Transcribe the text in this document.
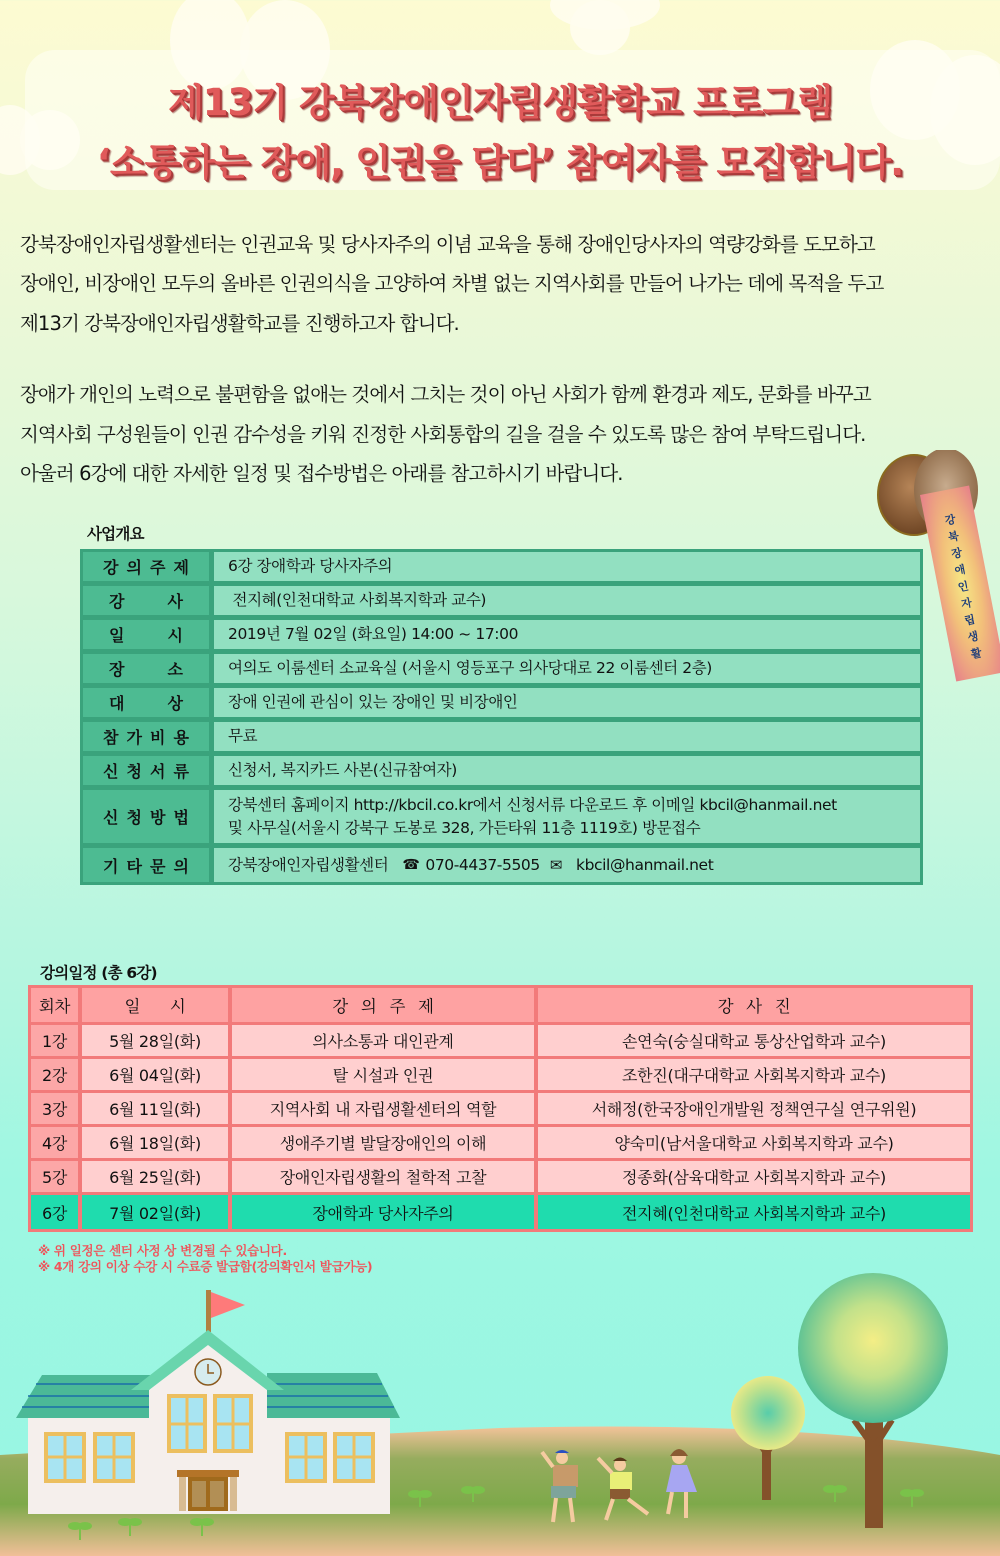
제13기 강북장애인자립생활학교 프로그램
‘소통하는 장애, 인권을 담다’ 참여자를 모집합니다.

강북장애인자립생활센터는 인권교육 및 당사자주의 이념 교육을 통해 장애인당사자의 역량강화를 도모하고

장애인, 비장애인 모두의 올바른 인권의식을 고양하여 차별 없는 지역사회를 만들어 나가는 데에 목적을 두고

제13기 강북장애인자립생활학교를 진행하고자 합니다.

장애가 개인의 노력으로 불편함을 없애는 것에서 그치는 것이 아닌 사회가 함께 환경과 제도, 문화를 바꾸고

지역사회 구성원들이 인권 감수성을 키워 진정한 사회통합의 길을 걸을 수 있도록 많은 참여 부탁드립니다.

아울러 6강에 대한 자세한 일정 및 접수방법은 아래를 참고하시기 바랍니다.

사업개요
강 의 주 제	6강 장애학과 당사자주의
강	사	전지혜(인천대학교 사회복지학과 교수)
일	시	2019년 7월 02일 (화요일) 14:00 ~ 17:00
장	소	여의도 이룸센터 소교육실 (서울시 영등포구 의사당대로 22 이룸센터 2층)
대	상	장애 인권에 관심이 있는 장애인 및 비장애인
참 가 비 용	무료
신 청 서 류	신청서, 복지카드 사본(신규참여자)
신 청 방 법
강북센터 홈페이지 http://kbcil.co.kr에서 신청서류 다운로드 후 이메일 kbcil@hanmail.net
및 사무실(서울시 강북구 도봉로 328, 가든타워 11층 1119호) 방문접수
기 타 문 의	강북장애인자립생활센터 ☎ 070-4437-5505 ✉ kbcil@hanmail.net
강
북
장
애
인
자
립
생
활
강의일정 (총 6강)
회차	일      시	강 의 주 제	강 사 진
1강	5월 28일(화)	의사소통과 대인관계	손연숙(숭실대학교 통상산업학과 교수)
2강	6월 04일(화)	탈 시설과 인권	조한진(대구대학교 사회복지학과 교수)
3강	6월 11일(화)	지역사회 내 자립생활센터의 역할	서해정(한국장애인개발원 정책연구실 연구위원)
4강	6월 18일(화)	생애주기별 발달장애인의 이해	양숙미(남서울대학교 사회복지학과 교수)
5강	6월 25일(화)	장애인자립생활의 철학적 고찰	정종화(삼육대학교 사회복지학과 교수)
6강	7월 02일(화)	장애학과 당사자주의	전지혜(인천대학교 사회복지학과 교수)
※ 위 일정은 센터 사정 상 변경될 수 있습니다.
※ 4개 강의 이상 수강 시 수료증 발급함(강의확인서 발급가능)
